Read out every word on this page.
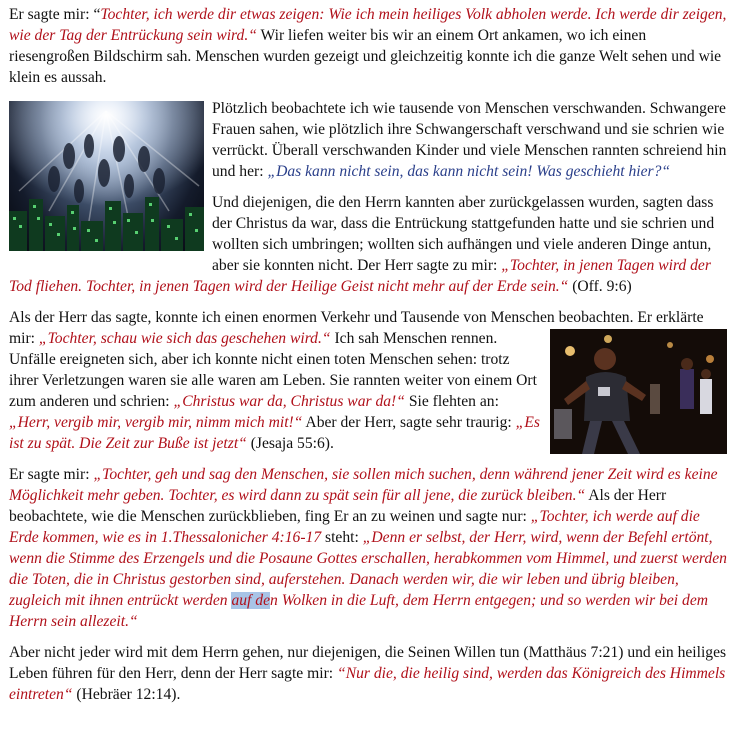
Er sagte mir: “Tochter, ich werde dir etwas zeigen: Wie ich mein heiliges Volk abholen werde. Ich werde dir zeigen, wie der Tag der Entrückung sein wird.“ Wir liefen weiter bis wir an einem Ort ankamen, wo ich einen riesengroßen Bildschirm sah. Menschen wurden gezeigt und gleichzeitig konnte ich die ganze Welt sehen und wie klein es aussah.

Plötzlich beobachtete ich wie tausende von Menschen verschwanden. Schwangere Frauen sahen, wie plötzlich ihre Schwangerschaft verschwand und sie schrien wie verrückt. Überall verschwanden Kinder und viele Menschen rannten schreiend hin und her: „Das kann nicht sein, das kann nicht sein! Was geschieht hier?“

Und diejenigen, die den Herrn kannten aber zurückgelassen wurden, sagten dass der Christus da war, dass die Entrückung stattgefunden hatte und sie schrien und wollten sich umbringen; wollten sich aufhängen und viele anderen Dinge antun, aber sie konnten nicht. Der Herr sagte zu mir: „Tochter, in jenen Tagen wird der Tod fliehen. Tochter, in jenen Tagen wird der Heilige Geist nicht mehr auf der Erde sein.“ (Off. 9:6)

Als der Herr das sagte, konnte ich einen enormen Verkehr und Tausende von Menschen beobachten. Er erklärte mir: „Tochter, schau wie sich das geschehen wird.“
Ich sah Menschen rennen. Unfälle ereigneten sich, aber ich konnte nicht einen toten Menschen sehen: trotz ihrer Verletzungen waren sie alle waren am Leben. Sie rannten weiter von einem Ort zum anderen und schrien: „Christus war da, Christus war da!“ Sie flehten an: „Herr, vergib mir, vergib mir, nimm mich mit!“ Aber der Herr, sagte sehr traurig: „Es ist zu spät. Die Zeit zur Buße ist jetzt“ (Jesaja 55:6).

Er sagte mir: „Tochter, geh und sag den Menschen, sie sollen mich suchen, denn während jener Zeit wird es keine Möglichkeit mehr geben. Tochter, es wird dann zu spät sein für all jene, die zurück bleiben.“ Als der Herr beobachtete, wie die Menschen zurückblieben, fing Er an zu weinen und sagte nur: „Tochter, ich werde auf die Erde kommen, wie es in 1.Thessalonicher 4:16-17 steht: „Denn er selbst, der Herr, wird, wenn der Befehl ertönt, wenn die Stimme des Erzengels und die Posaune Gottes erschallen, herabkommen vom Himmel, und zuerst werden die Toten, die in Christus gestorben sind, auferstehen. Danach werden wir, die wir leben und übrig bleiben, zugleich mit ihnen entrückt werden auf den Wolken in die Luft, dem Herrn entgegen; und so werden wir bei dem Herrn sein allezeit.“

Aber nicht jeder wird mit dem Herrn gehen, nur diejenigen, die Seinen Willen tun (Matthäus 7:21) und ein heiliges Leben führen für den Herr, denn der Herr sagte mir: “Nur die, die heilig sind, werden das Königreich des Himmels eintreten“ (Hebräer 12:14).
